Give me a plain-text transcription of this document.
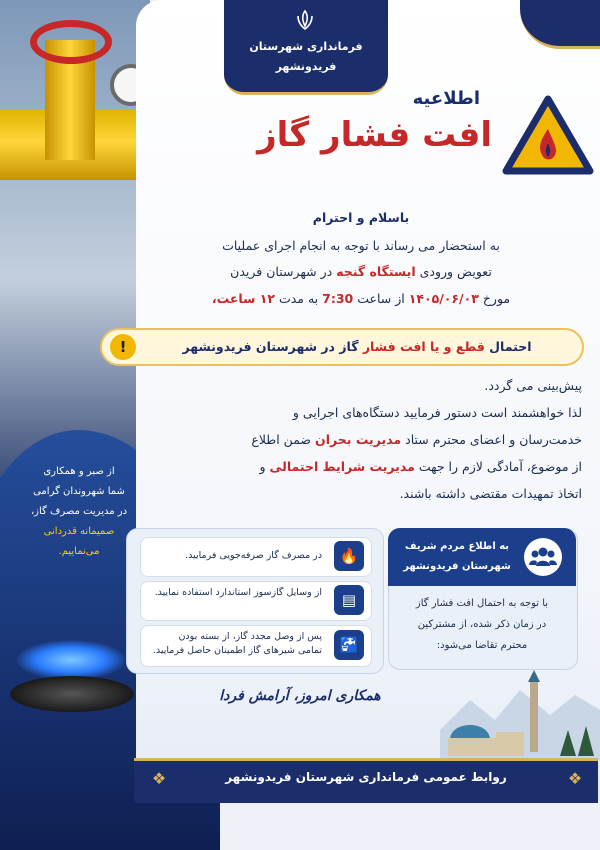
از صبر و همکاری
شما شهروندان گرامی
در مدیریت مصرف گاز،
صمیمانه قدردانی
می‌نماییم.
فرمانداری شهرستان
فریدونشهر
اطلاعیه
افت فشار گاز
باسلام و احترام
به استحضار می رساند با توجه به انجام اجرای عملیات
تعویض ورودی ایستگاه گنجه در شهرستان فریدن
مورخ ۱۴۰۵/۰۶/۰۳ از ساعت 7:30 به مدت ۱۲ ساعت،
!	احتمال قطع و یا افت فشار گاز در شهرستان فریدونشهر
پیش‌بینی می گردد.
لذا خواهشمند است دستور فرمایید دستگاه‌های اجرایی و
خدمت‌رسان و اعضای محترم ستاد مدیریت بحران ضمن اطلاع
از موضوع، آمادگی لازم را جهت مدیریت شرایط احتمالی و
اتخاذ تمهیدات مقتضی داشته باشند.
🔥
در مصرف گاز صرفه‌جویی فرمایید.
▤
از وسایل گازسوز استاندارد استفاده نمایید.
🚰
پس از وصل مجدد گاز، از بسته بودن تمامی شیرهای گاز اطمینان حاصل فرمایید.
به اطلاع مردم شریف
شهرستان فریدونشهر
با توجه به احتمال افت فشار گاز
در زمان ذکر شده، از مشترکین
محترم تقاضا می‌شود:
همکاری امروز، آرامش فردا
❖	❖
روابط عمومی فرمانداری شهرستان فریدونشهر
